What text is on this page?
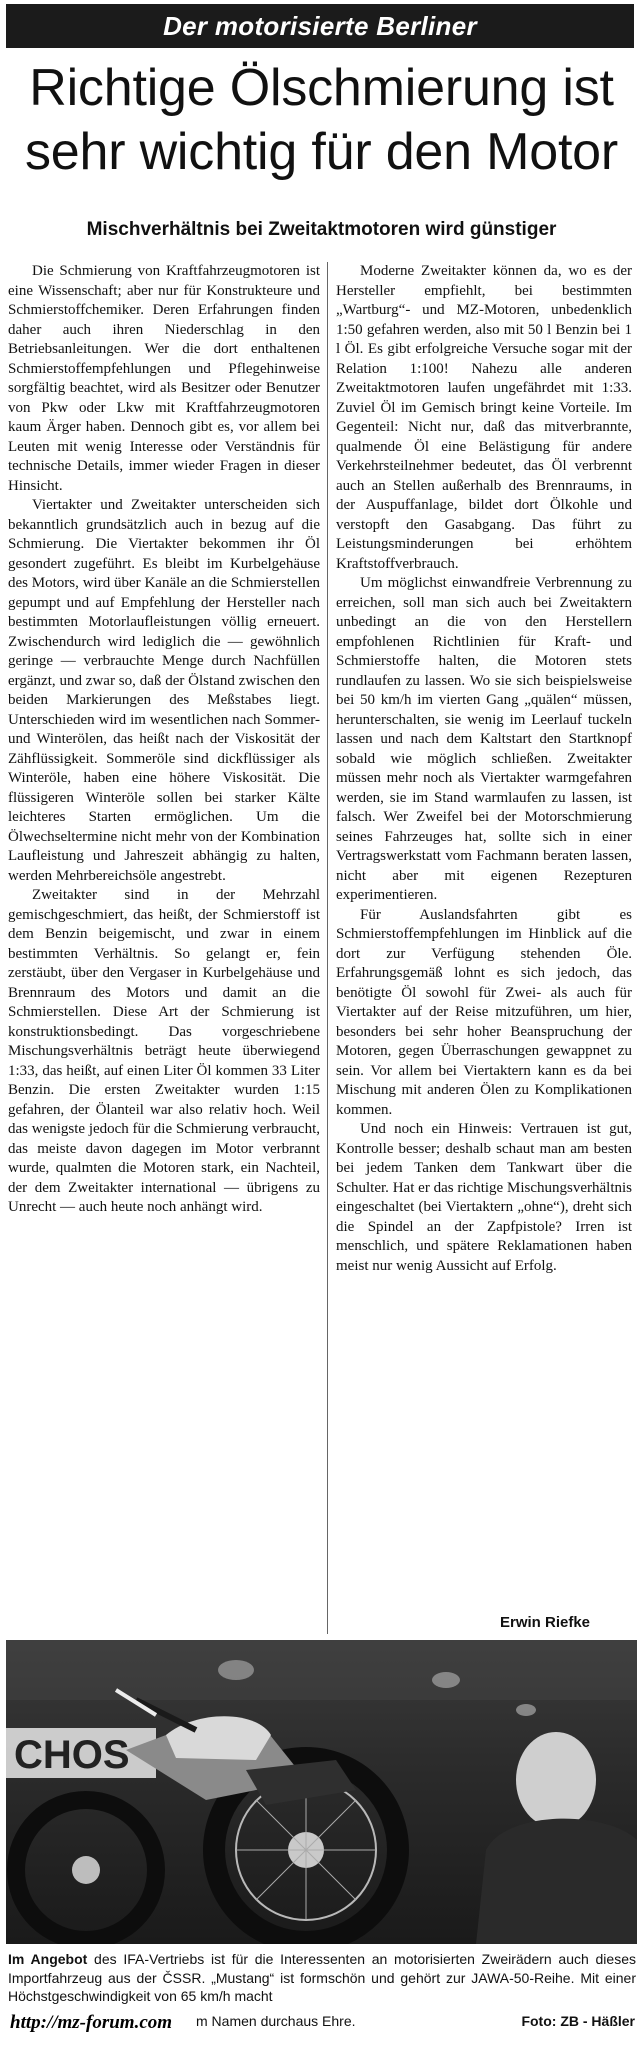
Der motorisierte Berliner
Richtige Ölschmierung ist
sehr wichtig für den Motor
Mischverhältnis bei Zweitaktmotoren wird günstiger

Die Schmierung von Kraftfahrzeugmotoren ist eine Wissenschaft; aber nur für Konstrukteure und Schmierstoffchemiker. Deren Erfahrungen finden daher auch ihren Niederschlag in den Betriebsanleitungen. Wer die dort enthaltenen Schmierstoffempfehlungen und Pflegehinweise sorgfältig beachtet, wird als Besitzer oder Benutzer von Pkw oder Lkw mit Kraftfahrzeugmotoren kaum Ärger haben. Dennoch gibt es, vor allem bei Leuten mit wenig Interesse oder Verständnis für technische Details, immer wieder Fragen in dieser Hinsicht.

Viertakter und Zweitakter unterscheiden sich bekanntlich grundsätzlich auch in bezug auf die Schmierung. Die Viertakter bekommen ihr Öl gesondert zugeführt. Es bleibt im Kurbelgehäuse des Motors, wird über Kanäle an die Schmierstellen gepumpt und auf Empfehlung der Hersteller nach bestimmten Motorlaufleistungen völlig erneuert. Zwischendurch wird lediglich die — gewöhnlich geringe — verbrauchte Menge durch Nachfüllen ergänzt, und zwar so, daß der Ölstand zwischen den beiden Markierungen des Meßstabes liegt. Unterschieden wird im wesentlichen nach Sommer- und Winterölen, das heißt nach der Viskosität der Zähflüssigkeit. Sommeröle sind dickflüssiger als Winteröle, haben eine höhere Viskosität. Die flüssigeren Winteröle sollen bei starker Kälte leichteres Starten ermöglichen. Um die Ölwechseltermine nicht mehr von der Kombination Laufleistung und Jahreszeit abhängig zu halten, werden Mehrbereichsöle angestrebt.

Zweitakter sind in der Mehrzahl gemischgeschmiert, das heißt, der Schmierstoff ist dem Benzin beigemischt, und zwar in einem bestimmten Verhältnis. So gelangt er, fein zerstäubt, über den Vergaser in Kurbelgehäuse und Brennraum des Motors und damit an die Schmierstellen. Diese Art der Schmierung ist konstruktionsbedingt. Das vorgeschriebene Mischungsverhältnis beträgt heute überwiegend 1:33, das heißt, auf einen Liter Öl kommen 33 Liter Benzin. Die ersten Zweitakter wurden 1:15 gefahren, der Ölanteil war also relativ hoch. Weil das wenigste jedoch für die Schmierung verbraucht, das meiste davon dagegen im Motor verbrannt wurde, qualmten die Motoren stark, ein Nachteil, der dem Zweitakter international — übrigens zu Unrecht — auch heute noch anhängt wird.

Moderne Zweitakter können da, wo es der Hersteller empfiehlt, bei bestimmten „Wartburg“- und MZ-Motoren, unbedenklich 1:50 gefahren werden, also mit 50 l Benzin bei 1 l Öl. Es gibt erfolgreiche Versuche sogar mit der Relation 1:100! Nahezu alle anderen Zweitaktmotoren laufen ungefährdet mit 1:33. Zuviel Öl im Gemisch bringt keine Vorteile. Im Gegenteil: Nicht nur, daß das mitverbrannte, qualmende Öl eine Belästigung für andere Verkehrsteilnehmer bedeutet, das Öl verbrennt auch an Stellen außerhalb des Brennraums, in der Auspuffanlage, bildet dort Ölkohle und verstopft den Gasabgang. Das führt zu Leistungsminderungen bei erhöhtem Kraftstoffverbrauch.

Um möglichst einwandfreie Verbrennung zu erreichen, soll man sich auch bei Zweitaktern unbedingt an die von den Herstellern empfohlenen Richtlinien für Kraft- und Schmierstoffe halten, die Motoren stets rundlaufen zu lassen. Wo sie sich beispielsweise bei 50 km/h im vierten Gang „quälen“ müssen, herunterschalten, sie wenig im Leerlauf tuckeln lassen und nach dem Kaltstart den Startknopf sobald wie möglich schließen. Zweitakter müssen mehr noch als Viertakter warmgefahren werden, sie im Stand warmlaufen zu lassen, ist falsch. Wer Zweifel bei der Motorschmierung seines Fahrzeuges hat, sollte sich in einer Vertragswerkstatt vom Fachmann beraten lassen, nicht aber mit eigenen Rezepturen experimentieren.

Für Auslandsfahrten gibt es Schmierstoffempfehlungen im Hinblick auf die dort zur Verfügung stehenden Öle. Erfahrungsgemäß lohnt es sich jedoch, das benötigte Öl sowohl für Zwei- als auch für Viertakter auf der Reise mitzuführen, um hier, besonders bei sehr hoher Beanspruchung der Motoren, gegen Überraschungen gewappnet zu sein. Vor allem bei Viertaktern kann es da bei Mischung mit anderen Ölen zu Komplikationen kommen.

Und noch ein Hinweis: Vertrauen ist gut, Kontrolle besser; deshalb schaut man am besten bei jedem Tanken dem Tankwart über die Schulter. Hat er das richtige Mischungsverhältnis eingeschaltet (bei Viertaktern „ohne“), dreht sich die Spindel an der Zapfpistole? Irren ist menschlich, und spätere Reklamationen haben meist nur wenig Aussicht auf Erfolg.

Erwin Riefke
CHOS
Im Angebot des IFA-Vertriebs ist für die Interessenten an motorisierten Zweirädern auch dieses Importfahrzeug aus der ČSSR. „Mustang“ ist formschön und gehört zur JAWA-50-Reihe. Mit einer Höchstgeschwindigkeit von 65 km/h macht
m Namen durchaus Ehre.
http://mz-forum.com	Foto: ZB - Häßler
